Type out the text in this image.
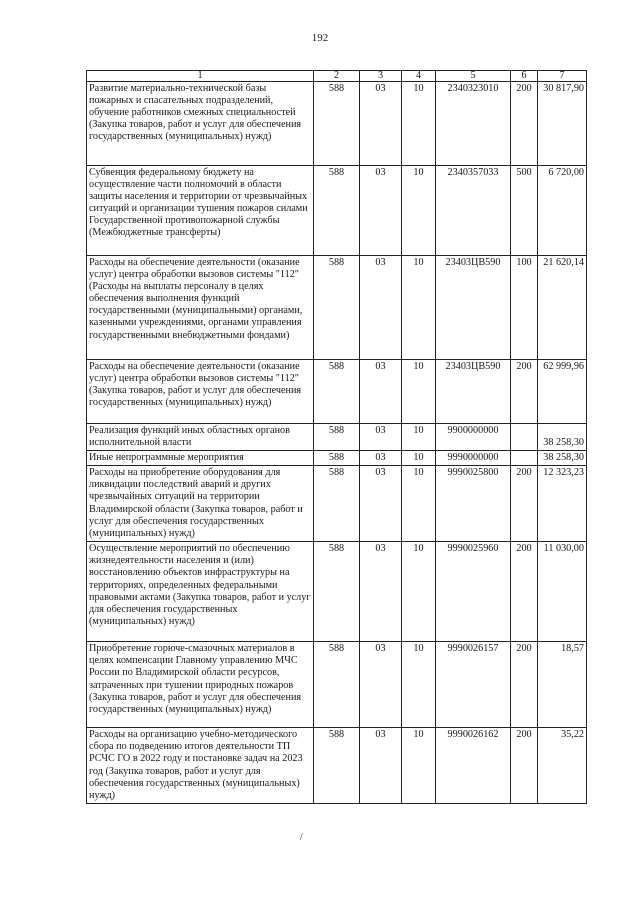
192
1	2	3	4	5	6	7
Развитие материально-технической базы пожарных и спасательных подразделений, обучение работников смежных специальностей (Закупка товаров, работ и услуг для обеспечения государственных (муниципальных) нужд)	588	03	10	2340323010	200	30 817,90
Субвенция федеральному бюджету на осуществление части полномочий в области защиты населения и территории от чрезвычайных ситуаций и организации тушения пожаров силами Государственной противопожарной службы (Межбюджетные трансферты)	588	03	10	2340357033	500	6 720,00
Расходы на обеспечение деятельности (оказание услуг) центра обработки вызовов системы "112" (Расходы на выплаты персоналу в целях обеспечения выполнения функций государственными (муниципальными) органами, казенными учреждениями, органами управления государственными внебюджетными фондами)	588	03	10	23403ЦВ590	100	21 620,14
Расходы на обеспечение деятельности (оказание услуг) центра обработки вызовов системы "112" (Закупка товаров, работ и услуг для обеспечения государственных (муниципальных) нужд)	588	03	10	23403ЦВ590	200	62 999,96
Реализация функций иных областных органов исполнительной власти	588	03	10	9900000000		38 258,30
Иные непрограммные мероприятия	588	03	10	9990000000		38 258,30
Расходы на приобретение оборудования для ликвидации последствий аварий и других чрезвычайных ситуаций на территории Владимирской области (Закупка товаров, работ и услуг для обеспечения государственных (муниципальных) нужд)	588	03	10	9990025800	200	12 323,23
Осуществление мероприятий по обеспечению жизнедеятельности населения и (или) восстановлению объектов инфраструктуры на территориях, определенных федеральными правовыми актами (Закупка товаров, работ и услуг для обеспечения государственных (муниципальных) нужд)	588	03	10	9990025960	200	11 030,00
Приобретение горюче-смазочных материалов в целях компенсации Главному управлению МЧС России по Владимирской области ресурсов, затраченных при тушении природных пожаров (Закупка товаров, работ и услуг для обеспечения государственных (муниципальных) нужд)	588	03	10	9990026157	200	18,57
Расходы на организацию учебно-методического сбора по подведению итогов деятельности ТП РСЧС ГО в 2022 году и постановке задач на 2023 год (Закупка товаров, работ и услуг для обеспечения государственных (муниципальных) нужд)	588	03	10	9990026162	200	35,22
/
